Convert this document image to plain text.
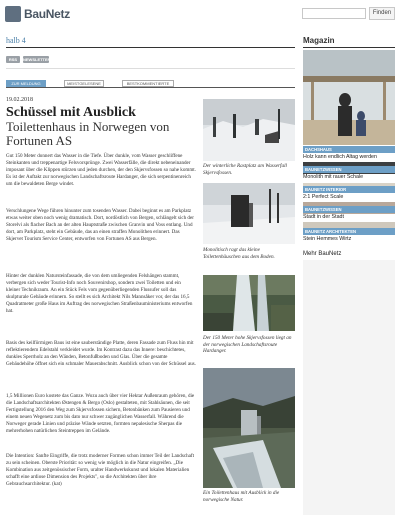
BauNetz	Finden
halb 4	Magazin
RSS	NEWSLETTER
ZUR MELDUNG	MEISTGELESENE	BESTKOMMENTIERTE
19.02.2018
Schüssel mit Ausblick
Toilettenhaus in Norwegen von Fortunen AS
Gut 150 Meter donnert das Wasser in die Tiefe. Über dunkle, vom Wasser geschliffene Steinkanten und treppenartige Felsvorsprünge. Zwei Wasserfälle, die direkt nebeneinander imposant über die Klippen stürzen und jeden durchen, der den Skjervsfossen so nahe kommt. Es ist der Auftakt zur norwegischen Landschaftsroute Hardanger, die sich serpentinenreich um die bewaldeten Berge windet.
Verschlungene Wege führen hinunter zum tosenden Wasser. Dabei beginnt es am Parkplatz etwas weiter oben noch wenig dramatisch. Dort, nordöstlich von Bergen, schlängelt sich der Storelvi als flacher Bach an der alten Hauptstraße zwischen Granvin und Voss entlang. Und dort, am Parkplatz, steht ein Gebäude, das an einen straffen Monolithen erinnert. Das Skjervet Tourism Service Center, entworfen von Fortunen AS aus Bergen.
Hinter der dunklen Natursteinfassade, die von dem umliegenden Felshängen stammt, verbergen sich weder Tourist-Info noch Souvenirshop, sondern zwei Toiletten und ein kleiner Technikraum. An ein Stück Fels vom gegenüberliegenden Flussufer soll das skulpturale Gebäude erinnern. So stellt es sich Architekt Nils Mannsåker vor, der das 16,5 Quadratmeter große Haus im Auftrag des norwegischen Straßenbauministeriums entworfen hat.
Basis des keilförmigen Baus ist eine sauberständige Platte, deren Fassade zum Fluss hin mit reflektierendem Edelstahl verkleidet wurde. Im Kontrast dazu das Innere: beschichtetes, dunkles Sperrholz an den Wänden, Betonfußboden und Glas. Über die gesamte Gebäudehöhe öffnet sich ein schmaler Mauerabschnitt. Ausblick schon von der Schüssel aus.
1,5 Millionen Euro kostete das Ganze. Wozu auch über vier Hektar Außenraum gehören, die die Landschaftsarchitekten Østengen & Bergo (Oslo) gestalteten, mit Stahlsäunen, die seit Fertigstellung 2016 den Weg zum Skjervsfossen sichern, Betonbänken zum Pausieren und einem neuen Wegenetz zum bis dato nur schwer zugänglichen Wasserfall. Während die Norweger gerade Linien und präzise Wände setzten, formten nepalesische Sherpas die mehrerhohen natürlichen Steintreppen im Gelände.
Die Intention: Sanfte Eingriffe, die trotz moderner Formen schon immer Teil der Landschaft zu sein scheinen. Oberste Priorität: so wenig wie möglich in die Natur eingreifen. „Die Kombination aus zeitgenössischer Form, uralter Handwerkskunst und lokalen Materialien schafft eine ardiose Dimension des Projekts", so die Architekten über ihre Gebrauchsarchitektur. (kat)
Der winterliche Rastplatz am Wasserfall Skjervsfossen.
Monolitisch ragt das kleine Toilettenhäuschen aus dem Boden.
Der 150 Meter hohe Skjervsfossen liegt an der norwegischen Landschaftsroute Hardanger.
Ein Toilettenhaus mit Ausblick in die norwegische Natur.
DACHSHAUS
Holz kann endlich Altag werden
BAUNETZWISSEN
Monolith mit rauer Schale
BAUNETZ INTERIOR
2:1 Perfect Scale
BAUNETZWISSEN
Stadt in der Stadt
BAUNETZ ARCHITEKTEN
Stein Hemmes Wirtz
Mehr BauNetz
